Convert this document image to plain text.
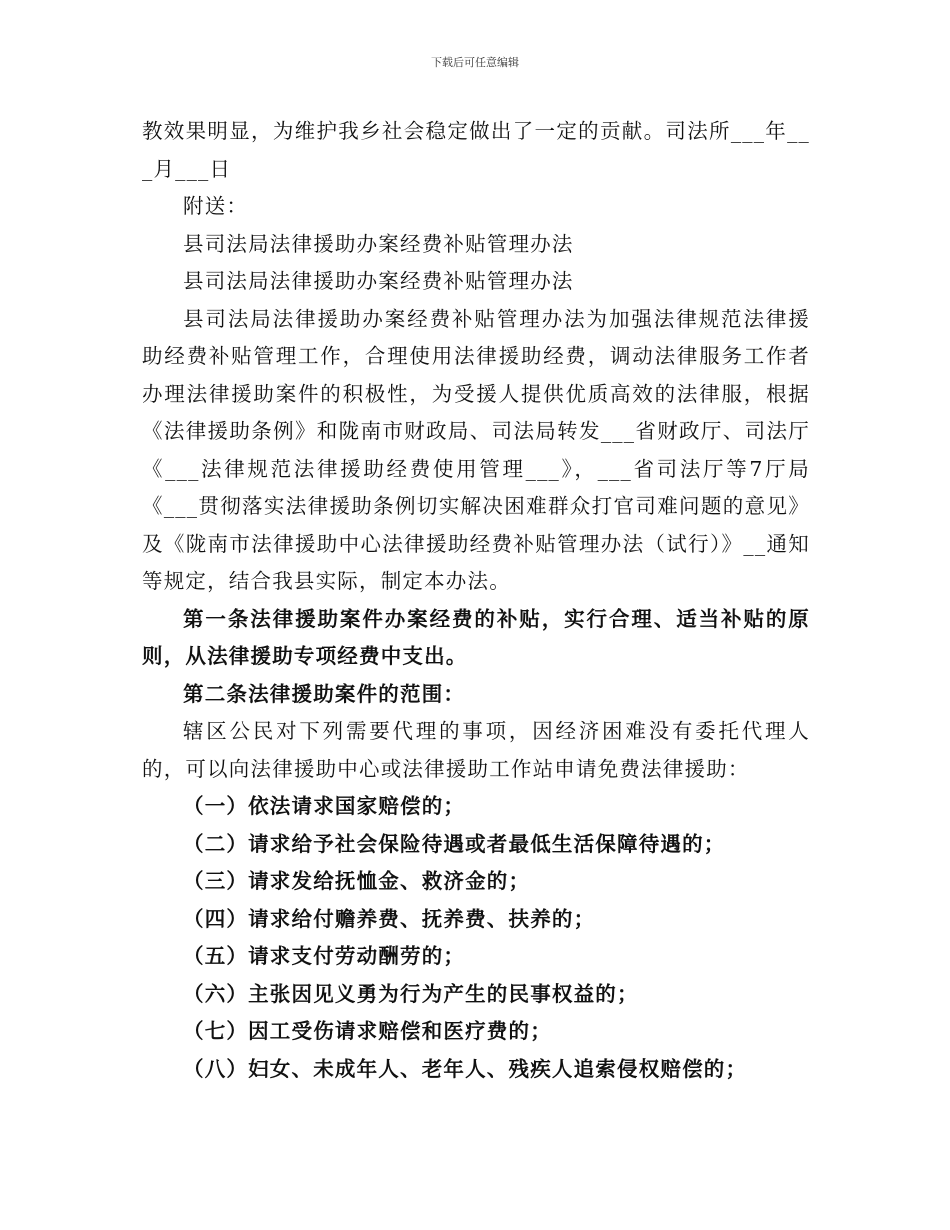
下载后可任意编辑

教效果明显，为维护我乡社会稳定做出了一定的贡献。司法所___年__ _月___日

附送：

县司法局法律援助办案经费补贴管理办法

县司法局法律援助办案经费补贴管理办法

县司法局法律援助办案经费补贴管理办法为加强法律规范法律援助经费补贴管理工作，合理使用法律援助经费，调动法律服务工作者办理法律援助案件的积极性，为受援人提供优质高效的法律服，根据《法律援助条例》和陇南市财政局、司法局转发___省财政厅、司法厅《___法律规范法律援助经费使用管理___》，___省司法厅等7厅局《___贯彻落实法律援助条例切实解决困难群众打官司难问题的意见》及《陇南市法律援助中心法律援助经费补贴管理办法（试行）》__通知等规定，结合我县实际，制定本办法。

第一条法律援助案件办案经费的补贴，实行合理、适当补贴的原则，从法律援助专项经费中支出。

第二条法律援助案件的范围：

辖区公民对下列需要代理的事项，因经济困难没有委托代理人的，可以向法律援助中心或法律援助工作站申请免费法律援助：

（一）依法请求国家赔偿的；

（二）请求给予社会保险待遇或者最低生活保障待遇的；

（三）请求发给抚恤金、救济金的；

（四）请求给付赡养费、抚养费、扶养的；

（五）请求支付劳动酬劳的；

（六）主张因见义勇为行为产生的民事权益的；

（七）因工受伤请求赔偿和医疗费的；

（八）妇女、未成年人、老年人、残疾人追索侵权赔偿的；
